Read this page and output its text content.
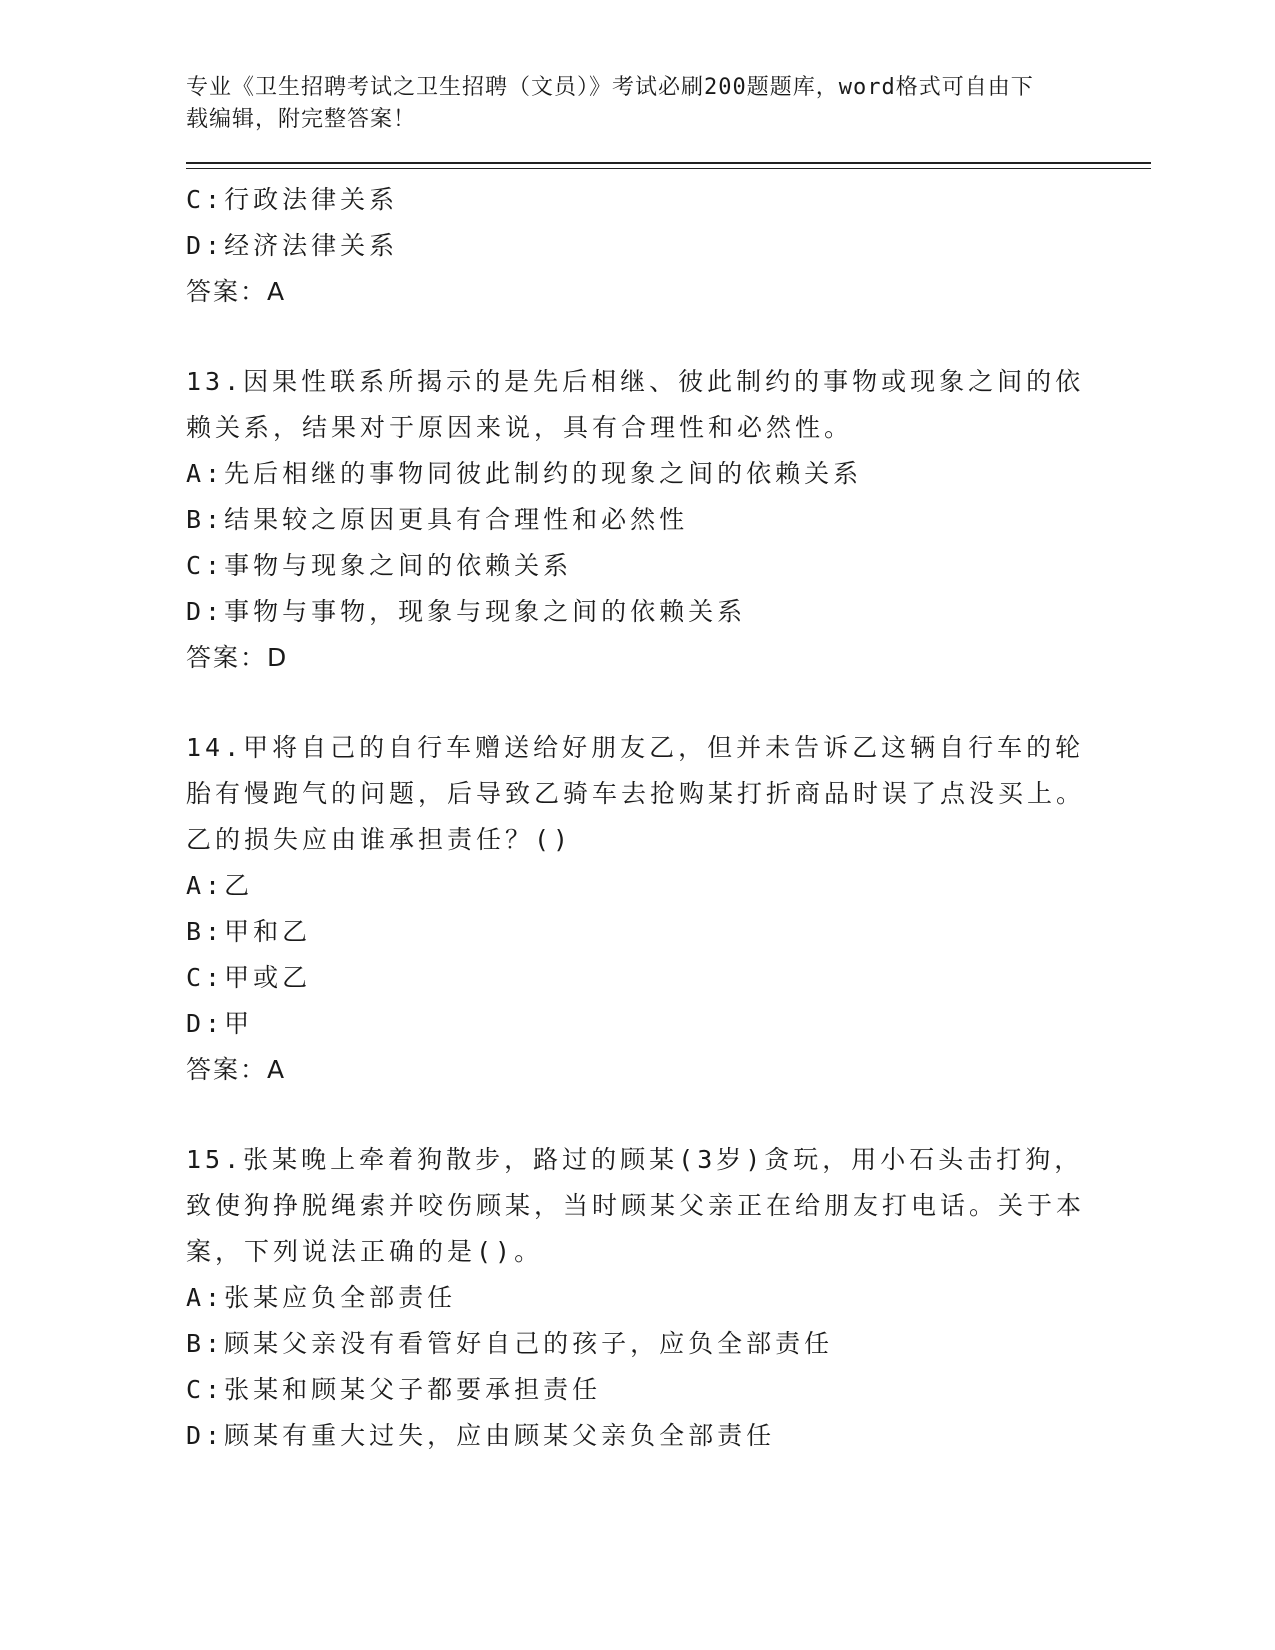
专业《卫生招聘考试之卫生招聘（文员）》考试必刷200题题库，word格式可自由下载编辑，附完整答案！
C:行政法律关系
D:经济法律关系
答案：A
13.因果性联系所揭示的是先后相继、彼此制约的事物或现象之间的依赖关系，结果对于原因来说，具有合理性和必然性。
A:先后相继的事物同彼此制约的现象之间的依赖关系
B:结果较之原因更具有合理性和必然性
C:事物与现象之间的依赖关系
D:事物与事物，现象与现象之间的依赖关系
答案：D
14.甲将自己的自行车赠送给好朋友乙，但并未告诉乙这辆自行车的轮胎有慢跑气的问题，后导致乙骑车去抢购某打折商品时误了点没买上。乙的损失应由谁承担责任？()
A:乙
B:甲和乙
C:甲或乙
D:甲
答案：A
15.张某晚上牵着狗散步，路过的顾某(3岁)贪玩，用小石头击打狗，致使狗挣脱绳索并咬伤顾某，当时顾某父亲正在给朋友打电话。关于本案，下列说法正确的是()。
A:张某应负全部责任
B:顾某父亲没有看管好自己的孩子，应负全部责任
C:张某和顾某父子都要承担责任
D:顾某有重大过失，应由顾某父亲负全部责任
